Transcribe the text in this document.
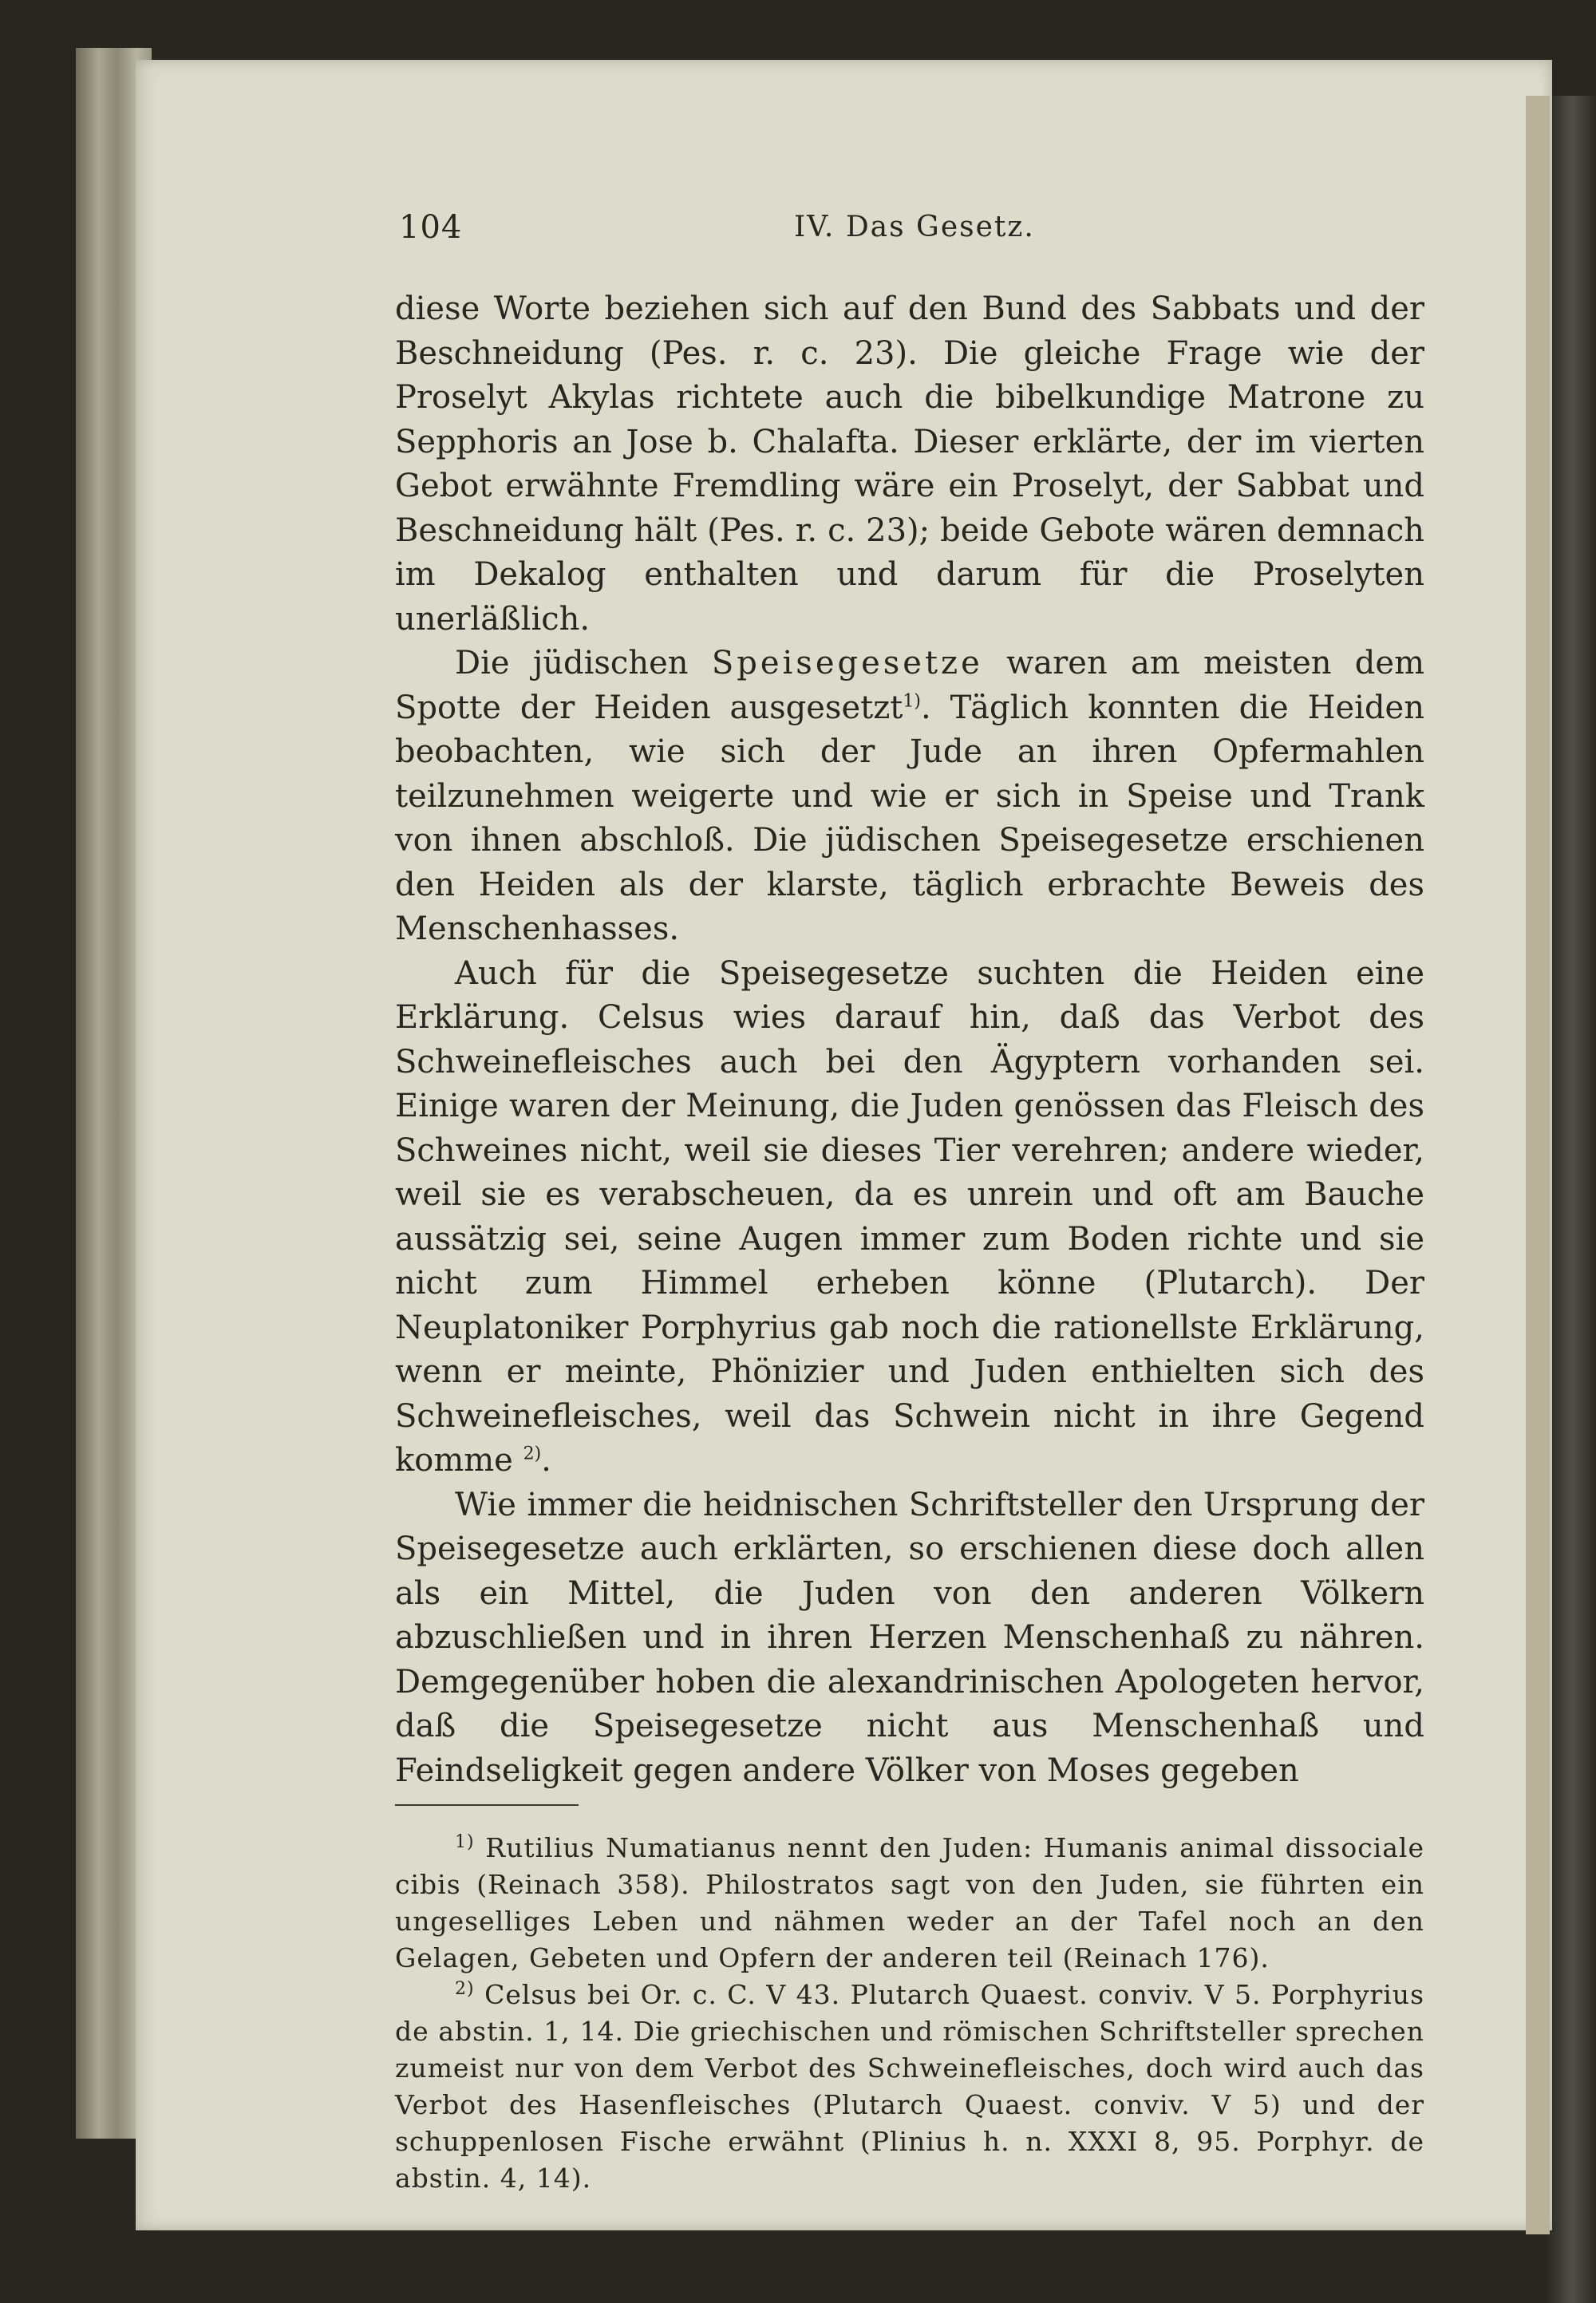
104	IV. Das Gesetz.

diese Worte beziehen sich auf den Bund des Sabbats und der Beschneidung (Pes. r. c. 23). Die gleiche Frage wie der Proselyt Akylas richtete auch die bibelkundige Matrone zu Sepphoris an Jose b. Chalafta. Dieser erklärte, der im vierten Gebot erwähnte Fremdling wäre ein Proselyt, der Sabbat und Beschneidung hält (Pes. r. c. 23); beide Gebote wären demnach im Dekalog enthalten und darum für die Proselyten unerläßlich.

Die jüdischen Speisegesetze waren am meisten dem Spotte der Heiden ausgesetzt$^{1)}$. Täglich konnten die Heiden beobachten, wie sich der Jude an ihren Opfermahlen teilzunehmen weigerte und wie er sich in Speise und Trank von ihnen abschloß. Die jüdischen Speisegesetze erschienen den Heiden als der klarste, täglich erbrachte Beweis des Menschenhasses.

Auch für die Speisegesetze suchten die Heiden eine Erklärung. Celsus wies darauf hin, daß das Verbot des Schweinefleisches auch bei den Ägyptern vorhanden sei. Einige waren der Meinung, die Juden genössen das Fleisch des Schweines nicht, weil sie dieses Tier verehren; andere wieder, weil sie es verabscheuen, da es unrein und oft am Bauche aussätzig sei, seine Augen immer zum Boden richte und sie nicht zum Himmel erheben könne (Plutarch). Der Neuplatoniker Porphyrius gab noch die rationellste Erklärung, wenn er meinte, Phönizier und Juden enthielten sich des Schweinefleisches, weil das Schwein nicht in ihre Gegend komme $^{2)}$.

Wie immer die heidnischen Schriftsteller den Ursprung der Speisegesetze auch erklärten, so erschienen diese doch allen als ein Mittel, die Juden von den anderen Völkern abzuschließen und in ihren Herzen Menschenhaß zu nähren. Demgegenüber hoben die alexandrinischen Apologeten hervor, daß die Speisegesetze nicht aus Menschenhaß und Feindseligkeit gegen andere Völker von Moses gegeben

$^{1)}$ Rutilius Numatianus nennt den Juden: Humanis animal dissociale cibis (Reinach 358). Philostratos sagt von den Juden, sie führten ein ungeselliges Leben und nähmen weder an der Tafel noch an den Gelagen, Gebeten und Opfern der anderen teil (Reinach 176).

$^{2)}$ Celsus bei Or. c. C. V 43. Plutarch Quaest. conviv. V 5. Porphyrius de abstin. 1, 14. Die griechischen und römischen Schriftsteller sprechen zumeist nur von dem Verbot des Schweinefleisches, doch wird auch das Verbot des Hasenfleisches (Plutarch Quaest. conviv. V 5) und der schuppenlosen Fische erwähnt (Plinius h. n. XXXI 8, 95. Porphyr. de abstin. 4, 14).
